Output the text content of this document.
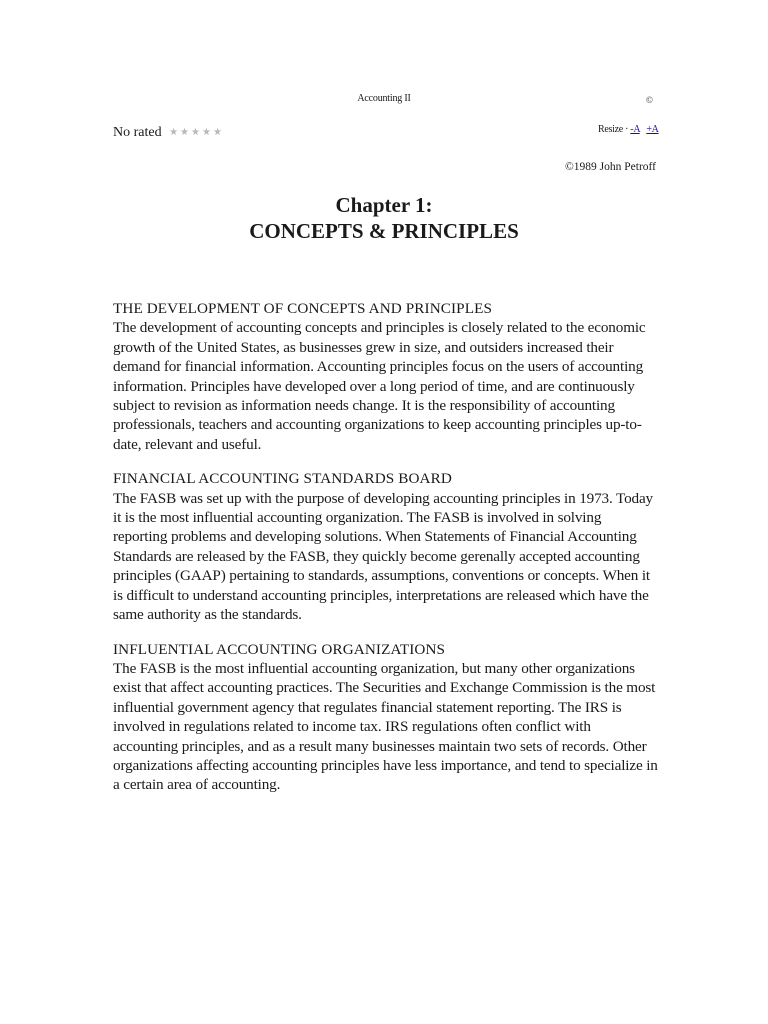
Accounting II	©
No rated ★★★★★	Resize · -A +A
©1989 John Petroff
Chapter 1:
CONCEPTS & PRINCIPLES
THE DEVELOPMENT OF CONCEPTS AND PRINCIPLES

The development of accounting concepts and principles is closely related to the economic growth of the United States, as businesses grew in size, and outsiders increased their demand for financial information. Accounting principles focus on the users of accounting information. Principles have developed over a long period of time, and are continuously subject to revision as information needs change. It is the responsibility of accounting professionals, teachers and accounting organizations to keep accounting principles up-to-date, relevant and useful.

FINANCIAL ACCOUNTING STANDARDS BOARD

The FASB was set up with the purpose of developing accounting principles in 1973. Today it is the most influential accounting organization. The FASB is involved in solving reporting problems and developing solutions. When Statements of Financial Accounting Standards are released by the FASB, they quickly become gerenally accepted accounting principles (GAAP) pertaining to standards, assumptions, conventions or concepts. When it is difficult to understand accounting principles, interpretations are released which have the same authority as the standards.

INFLUENTIAL ACCOUNTING ORGANIZATIONS

The FASB is the most influential accounting organization, but many other organizations exist that affect accounting practices. The Securities and Exchange Commission is the most influential government agency that regulates financial statement reporting. The IRS is involved in regulations related to income tax. IRS regulations often conflict with accounting principles, and as a result many businesses maintain two sets of records. Other organizations affecting accounting principles have less importance, and tend to specialize in a certain area of accounting.
